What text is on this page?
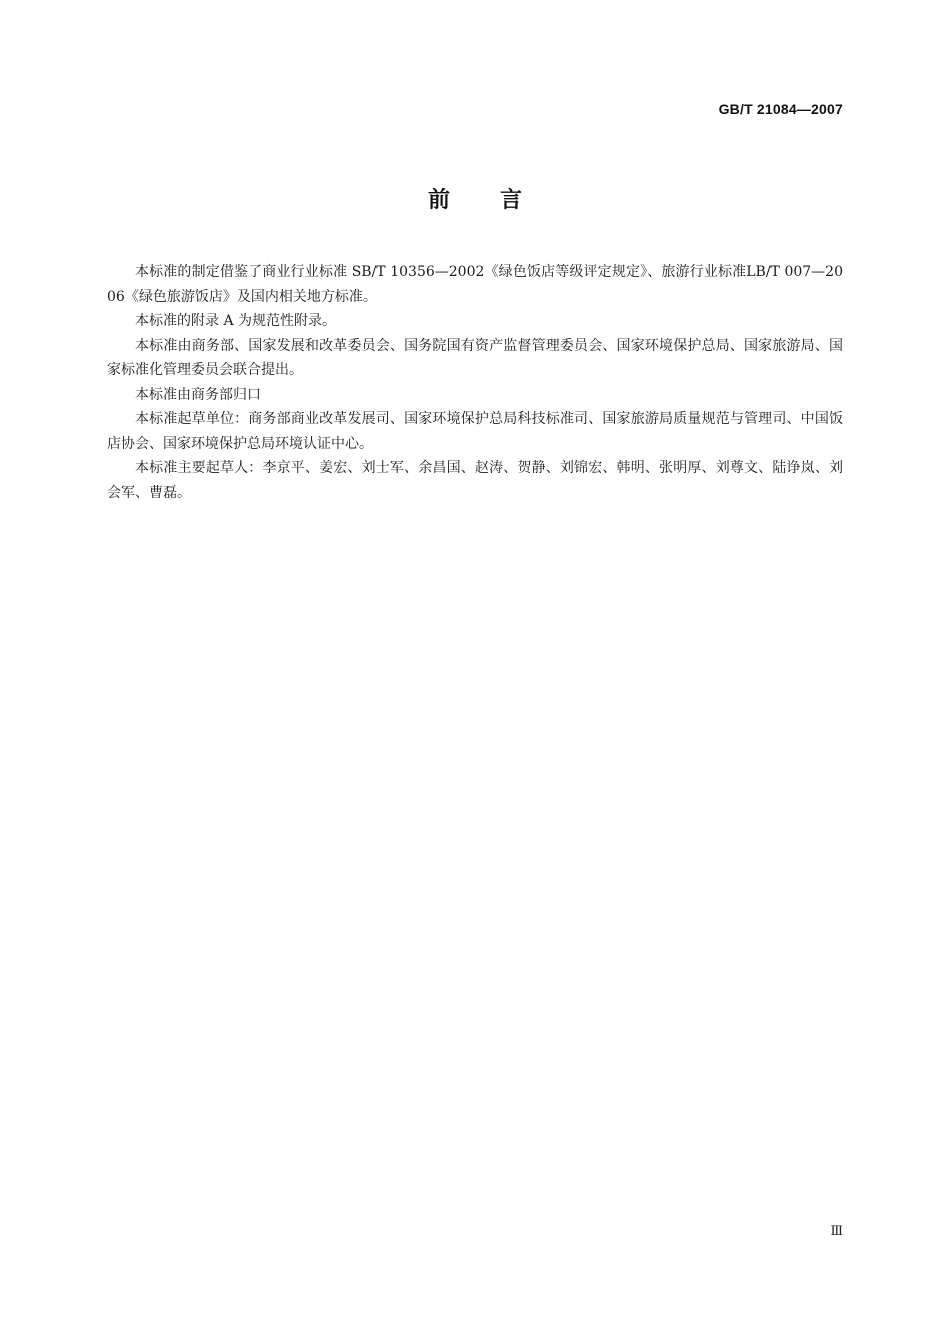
GB/T 21084—2007
前言

本标准的制定借鉴了商业行业标准 SB/T 10356—2002《绿色饭店等级评定规定》、旅游行业标准LB/T 007—2006《绿色旅游饭店》及国内相关地方标准。

本标准的附录 A 为规范性附录。

本标准由商务部、国家发展和改革委员会、国务院国有资产监督管理委员会、国家环境保护总局、国家旅游局、国家标准化管理委员会联合提出。

本标准由商务部归口

本标准起草单位：商务部商业改革发展司、国家环境保护总局科技标准司、国家旅游局质量规范与管理司、中国饭店协会、国家环境保护总局环境认证中心。

本标准主要起草人：李京平、姜宏、刘士军、余昌国、赵涛、贺静、刘锦宏、韩明、张明厚、刘尊文、陆诤岚、刘会军、曹磊。

Ⅲ
